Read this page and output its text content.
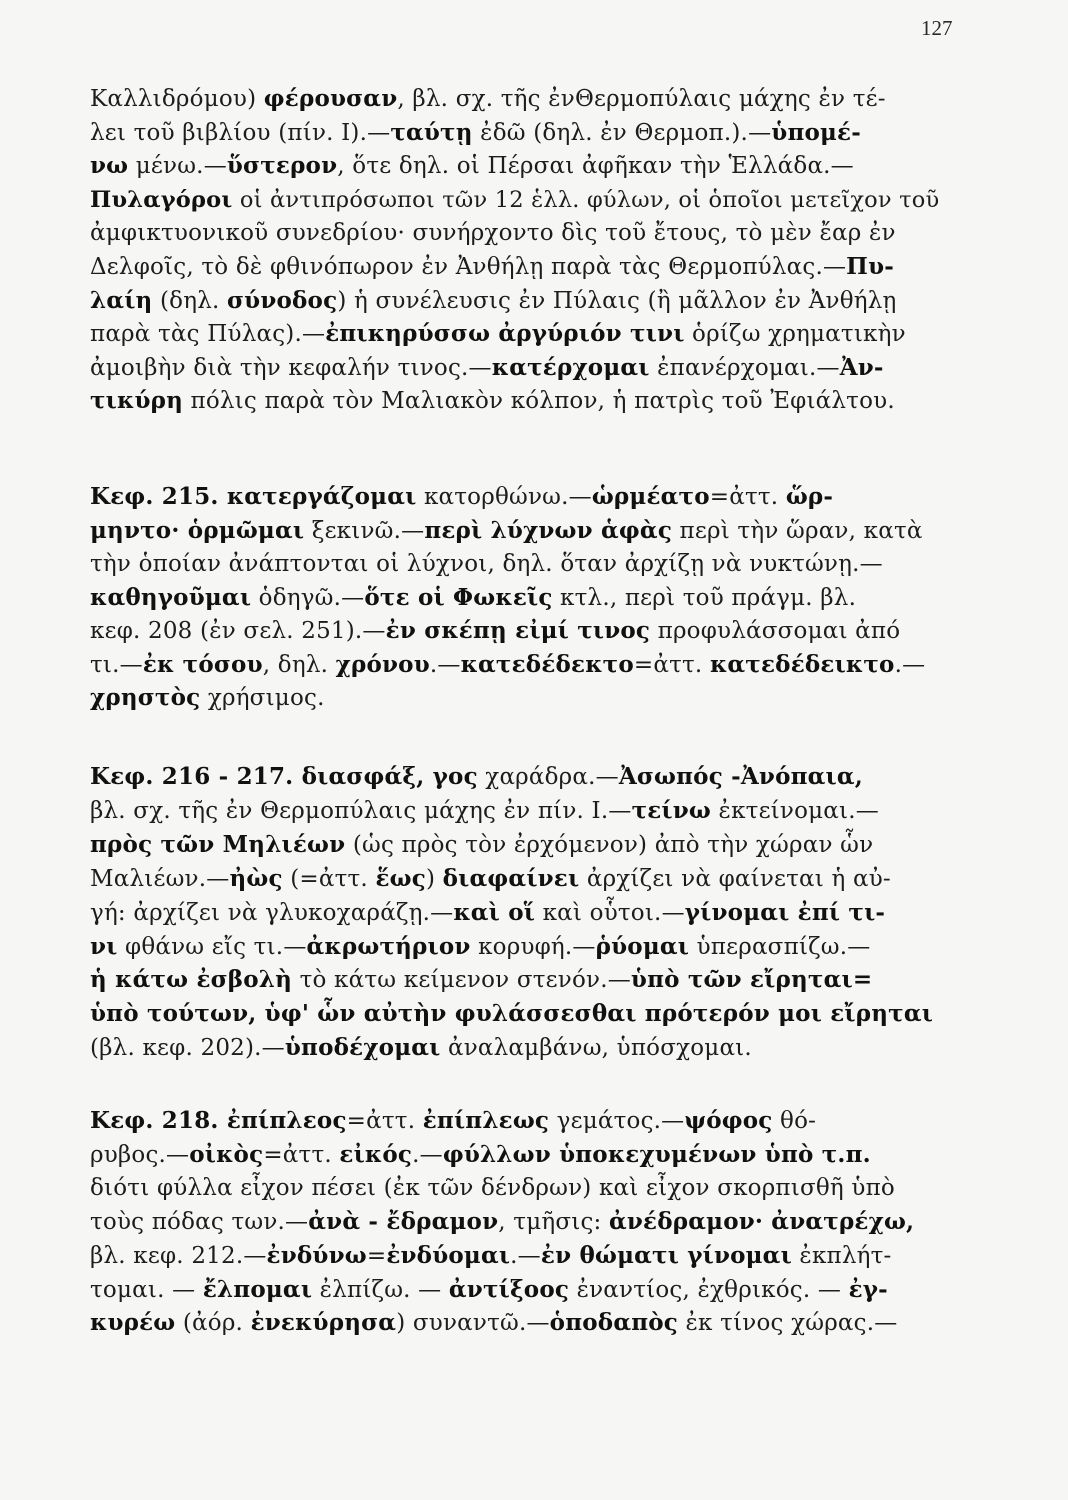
127
Καλλιδρόμου) φέρουσαν, βλ. σχ. τῆς ἐνΘερμοπύλαις μάχης ἐν τέ-
λει τοῦ βιβλίου (πίν. Ι).—ταύτῃ ἐδῶ (δηλ. ἐν Θερμοπ.).—ὑπομέ-
νω μένω.—ὕστερον, ὅτε δηλ. οἱ Πέρσαι ἀφῆκαν τὴν Ἑλλάδα.—
Πυλαγόροι οἱ ἀντιπρόσωποι τῶν 12 ἑλλ. φύλων, οἱ ὁποῖοι μετεῖχον τοῦ
ἀμφικτυονικοῦ συνεδρίου· συνήρχοντο δὶς τοῦ ἔτους, τὸ μὲν ἔαρ ἐν
Δελφοῖς, τὸ δὲ φθινόπωρον ἐν Ἀνθήλῃ παρὰ τὰς Θερμοπύλας.—Πυ-
λαίη (δηλ. σύνοδος) ἡ συνέλευσις ἐν Πύλαις (ἢ μᾶλλον ἐν Ἀνθήλῃ
παρὰ τὰς Πύλας).—ἐπικηρύσσω ἀργύριόν τινι ὁρίζω χρηματικὴν
ἀμοιβὴν διὰ τὴν κεφαλήν τινος.—κατέρχομαι ἐπανέρχομαι.—Ἀν-
τικύρη πόλις παρὰ τὸν Μαλιακὸν κόλπον, ἡ πατρὶς τοῦ Ἐφιάλτου.
Κεφ. 215. κατεργάζομαι κατορθώνω.—ὡρμέατο=ἀττ. ὥρ-
μηντο· ὁρμῶμαι ξεκινῶ.—περὶ λύχνων ἁφὰς περὶ τὴν ὥραν, κατὰ
τὴν ὁποίαν ἀνάπτονται οἱ λύχνοι, δηλ. ὅταν ἀρχίζῃ νὰ νυκτώνῃ.—
καθηγοῦμαι ὁδηγῶ.—ὅτε οἱ Φωκεῖς κτλ., περὶ τοῦ πράγμ. βλ.
κεφ. 208 (ἐν σελ. 251).—ἐν σκέπῃ εἰμί τινος προφυλάσσομαι ἀπό
τι.—ἐκ τόσου, δηλ. χρόνου.—κατεδέδεκτο=ἀττ. κατεδέδεικτο.—
χρηστὸς χρήσιμος.
Κεφ. 216 - 217. διασφάξ, γος χαράδρα.—Ἀσωπός -Ἀνόπαια,
βλ. σχ. τῆς ἐν Θερμοπύλαις μάχης ἐν πίν. Ι.—τείνω ἐκτείνομαι.—
πρὸς τῶν Μηλιέων (ὡς πρὸς τὸν ἐρχόμενον) ἀπὸ τὴν χώραν ὧν
Μαλιέων.—ἠὼς (=ἀττ. ἕως) διαφαίνει ἀρχίζει νὰ φαίνεται ἡ αὐ-
γή: ἀρχίζει νὰ γλυκοχαράζῃ.—καὶ οἵ καὶ οὗτοι.—γίνομαι ἐπί τι-
νι φθάνω εἴς τι.—ἀκρωτήριον κορυφή.—ῥύομαι ὑπερασπίζω.—
ἡ κάτω ἐσβολὴ τὸ κάτω κείμενον στενόν.—ὑπὸ τῶν εἴρηται=
ὑπὸ τούτων, ὑφ' ὧν αὐτὴν φυλάσσεσθαι πρότερόν μοι εἴρηται
(βλ. κεφ. 202).—ὑποδέχομαι ἀναλαμβάνω, ὑπόσχομαι.
Κεφ. 218. ἐπίπλεος=ἀττ. ἐπίπλεως γεμάτος.—ψόφος θό-
ρυβος.—οἰκὸς=ἀττ. εἰκός.—φύλλων ὑποκεχυμένων ὑπὸ τ.π.
διότι φύλλα εἶχον πέσει (ἐκ τῶν δένδρων) καὶ εἶχον σκορπισθῆ ὑπὸ
τοὺς πόδας των.—ἀνὰ - ἔδραμον, τμῆσις: ἀνέδραμον· ἀνατρέχω,
βλ. κεφ. 212.—ἐνδύνω=ἐνδύομαι.—ἐν θώματι γίνομαι ἐκπλήτ-
τομαι. — ἔλπομαι ἐλπίζω. — ἀντίξοος ἐναντίος, ἐχθρικός. — ἐγ-
κυρέω (ἀόρ. ἐνεκύρησα) συναντῶ.—ὁποδαπὸς ἐκ τίνος χώρας.—
